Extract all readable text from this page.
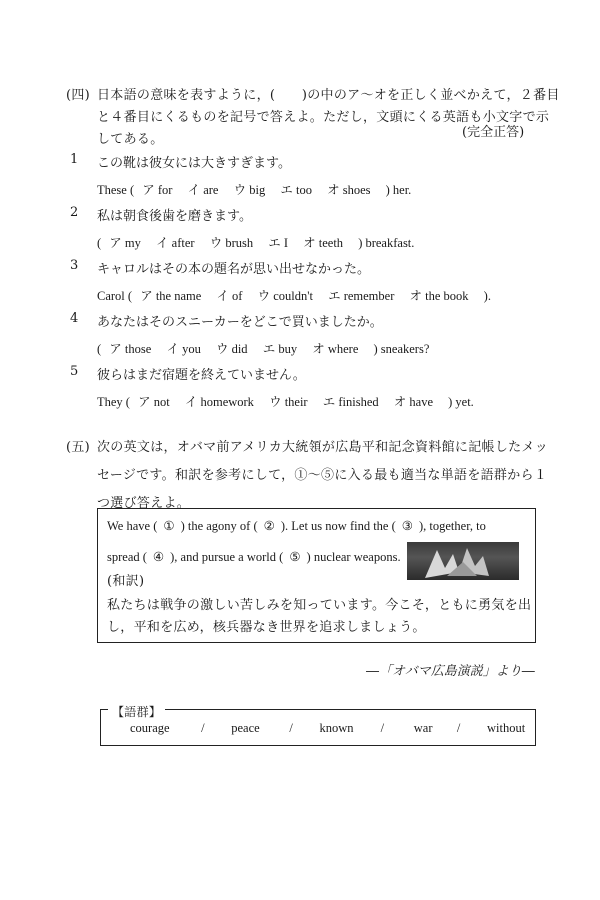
(四) 日本語の意味を表すように，(　　)の中のア～オを正しく並べかえて，２番目
と４番目にくるものを記号で答えよ。ただし，文頭にくる英語も小文字で示
してある。	(完全正答)
1 この靴は彼女には大きすぎます。
These ( ア for イ are ウ big エ too オ shoes ) her.
2 私は朝食後歯を磨きます。
( ア my イ after ウ brush エ I オ teeth ) breakfast.
3 キャロルはその本の題名が思い出せなかった。
Carol ( ア the name イ of ウ couldn't エ remember オ the book ).
4 あなたはそのスニーカーをどこで買いましたか。
( ア those イ you ウ did エ buy オ where ) sneakers?
5 彼らはまだ宿題を終えていません。
They ( ア not イ homework ウ their エ finished オ have ) yet.
(五) 次の英文は，オバマ前アメリカ大統領が広島平和記念資料館に記帳したメッ
セージです。和訳を参考にして，①～⑤に入る最も適当な単語を語群から１
つ選び答えよ。
We have ( ① ) the agony of ( ② ). Let us now find the ( ③ ), together, to
spread ( ④ ), and pursue a world ( ⑤ ) nuclear weapons.
(和訳)
私たちは戦争の激しい苦しみを知っています。今こそ，ともに勇気を出
し，平和を広め，核兵器なき世界を追求しましょう。
―「オバマ広島演説」より―
【語群】
courage	/ peace / known / war / without
